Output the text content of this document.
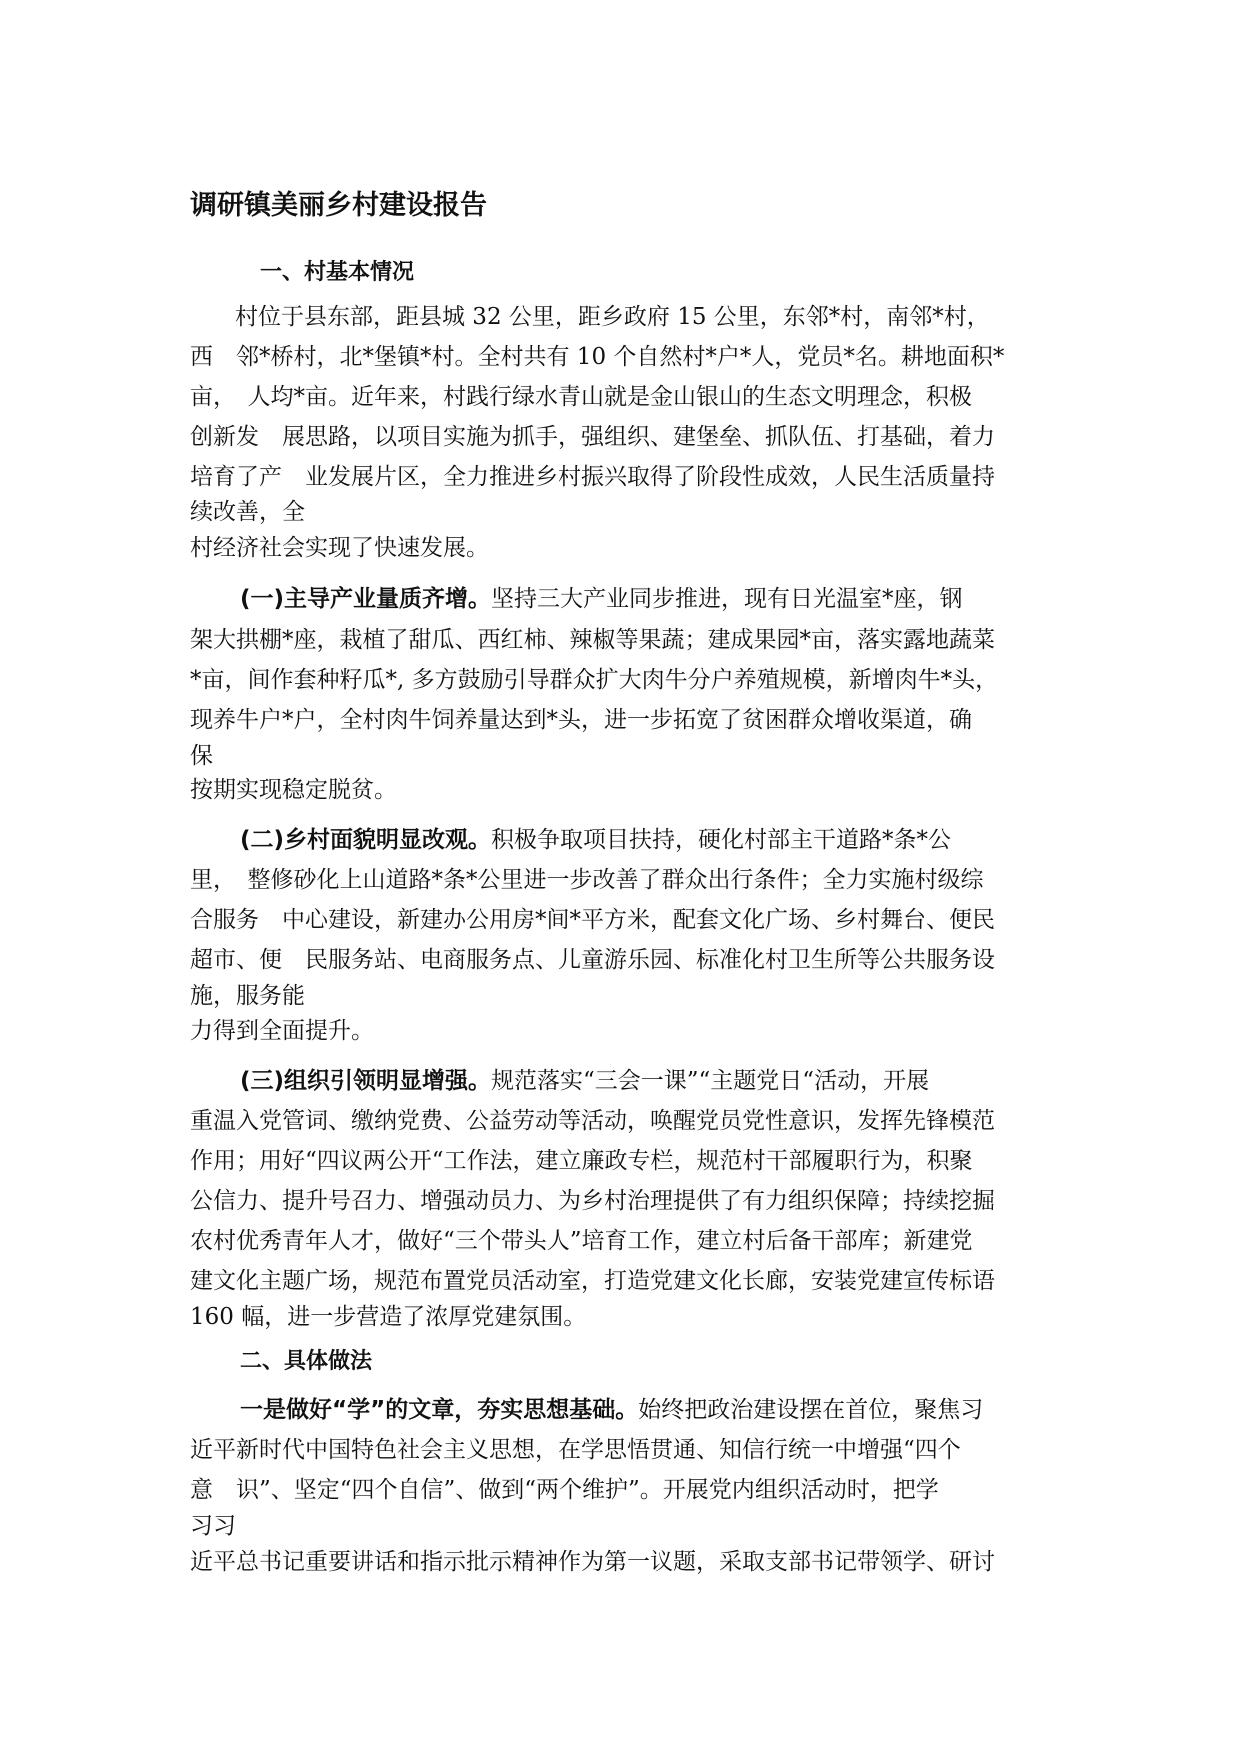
调研镇美丽乡村建设报告
一、村基本情况
村位于县东部，距县城 32 公里，距乡政府 15 公里，东邻*村，南邻*村，
西　邻*桥村，北*堡镇*村。全村共有 10 个自然村*户*人，党员*名。耕地面积*
亩，　人均*亩。近年来，村践行绿水青山就是金山银山的生态文明理念，积极
创新发　展思路，以项目实施为抓手，强组织、建堡垒、抓队伍、打基础，着力
培育了产　业发展片区，全力推进乡村振兴取得了阶段性成效，人民生活质量持
续改善，全
村经济社会实现了快速发展。
(一)主导产业量质齐增。坚持三大产业同步推进，现有日光温室*座，钢
架大拱棚*座，栽植了甜瓜、西红柿、辣椒等果蔬；建成果园*亩，落实露地蔬菜
*亩，间作套种籽瓜*, 多方鼓励引导群众扩大肉牛分户养殖规模，新增肉牛*头，
现养牛户*户，全村肉牛饲养量达到*头，进一步拓宽了贫困群众增收渠道，确
保
按期实现稳定脱贫。
(二)乡村面貌明显改观。积极争取项目扶持，硬化村部主干道路*条*公
里，　整修砂化上山道路*条*公里进一步改善了群众出行条件；全力实施村级综
合服务　中心建设，新建办公用房*间*平方米，配套文化广场、乡村舞台、便民
超市、便　民服务站、电商服务点、儿童游乐园、标准化村卫生所等公共服务设
施，服务能
力得到全面提升。
(三)组织引领明显增强。规范落实“三会一课”“主题党日“活动，开展
重温入党管词、缴纳党费、公益劳动等活动，唤醒党员党性意识，发挥先锋模范
作用；用好“四议两公开“工作法，建立廉政专栏，规范村干部履职行为，积聚
公信力、提升号召力、增强动员力、为乡村治理提供了有力组织保障；持续挖掘
农村优秀青年人才，做好“三个带头人”培育工作，建立村后备干部库；新建党
建文化主题广场，规范布置党员活动室，打造党建文化长廊，安装党建宣传标语
160 幅，进一步营造了浓厚党建氛围。
二、具体做法
一是做好“学”的文章，夯实思想基础。始终把政治建设摆在首位，聚焦习
近平新时代中国特色社会主义思想，在学思悟贯通、知信行统一中增强“四个
意　识”、坚定“四个自信”、做到“两个维护”。开展党内组织活动时，把学
习习
近平总书记重要讲话和指示批示精神作为第一议题，采取支部书记带领学、研讨
